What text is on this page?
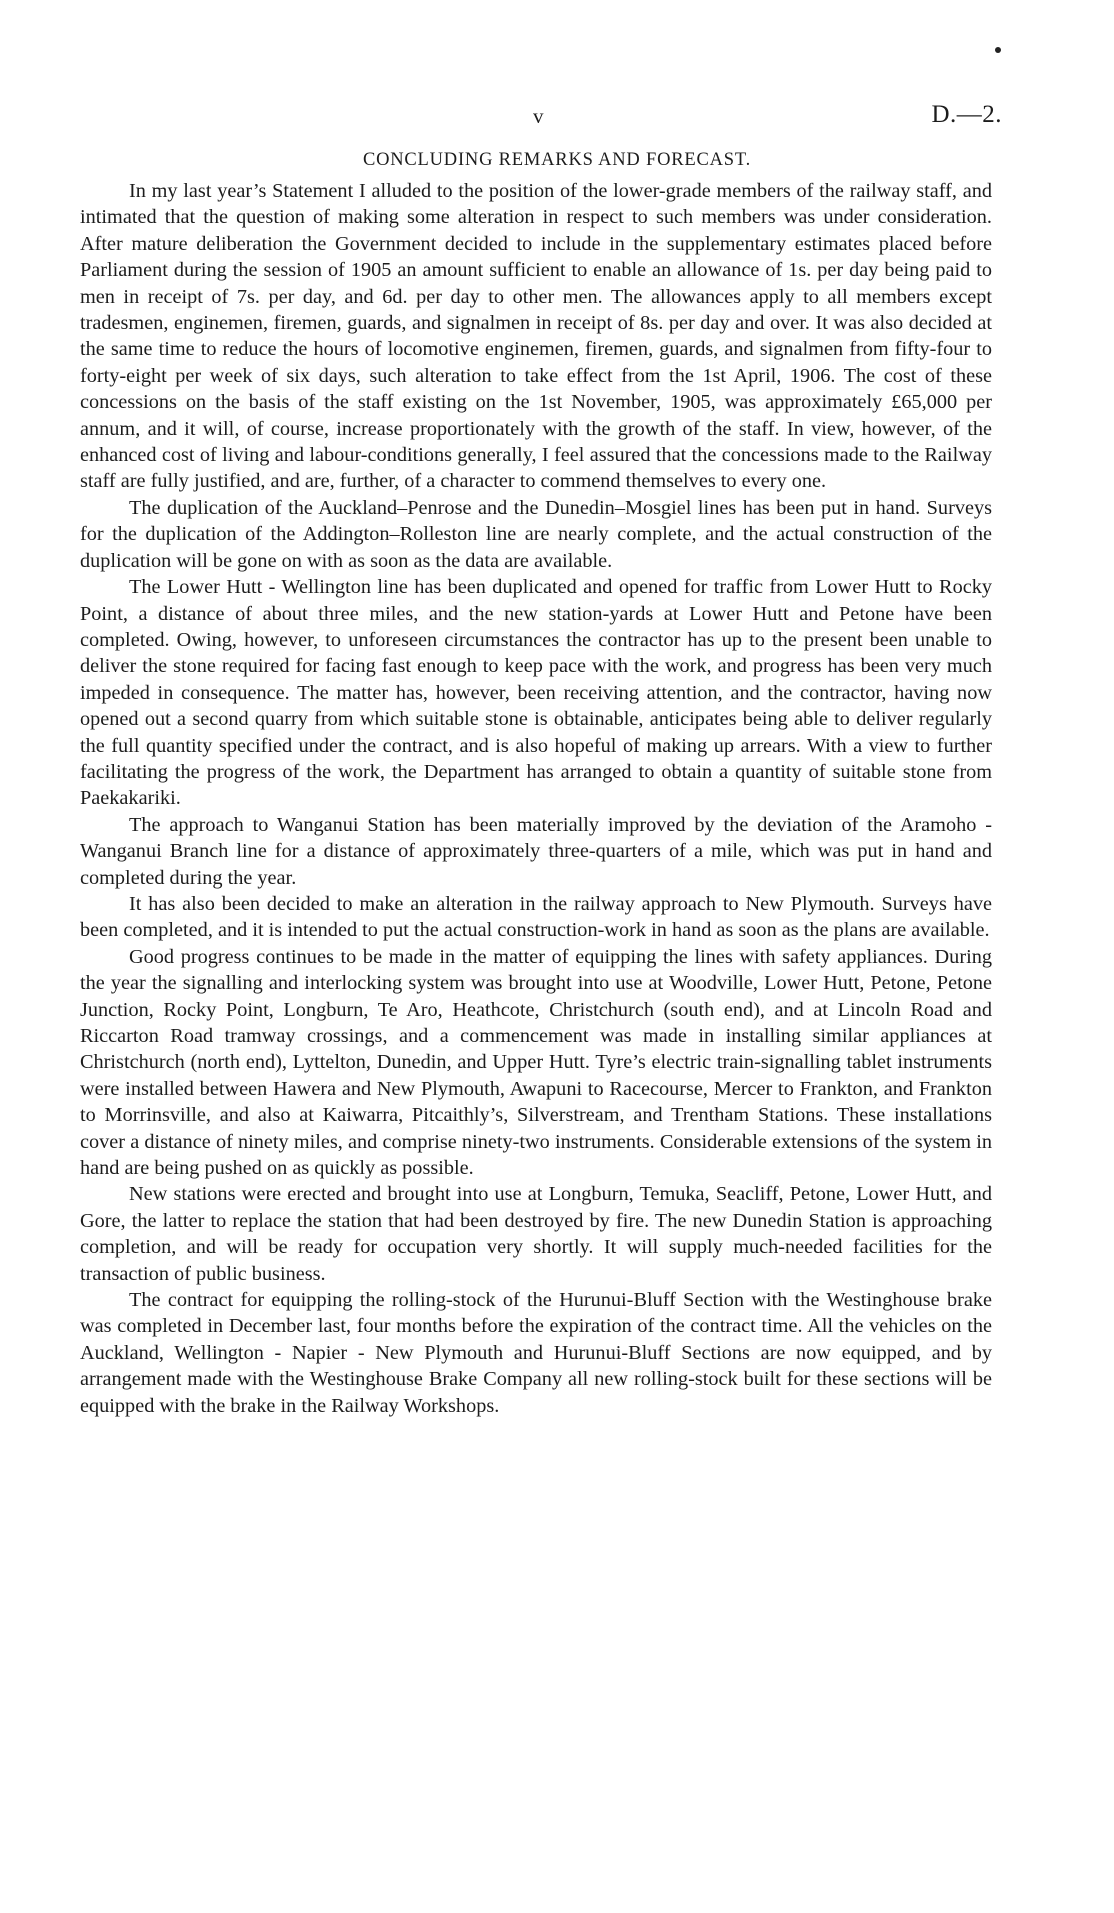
v	D.—2.
CONCLUDING REMARKS AND FORECAST.

In my last year’s Statement I alluded to the position of the lower-grade members of the railway staff, and intimated that the question of making some alteration in respect to such members was under consideration. After mature deliberation the Government decided to include in the supplementary estimates placed before Parliament during the session of 1905 an amount sufficient to enable an allowance of 1s. per day being paid to men in receipt of 7s. per day, and 6d. per day to other men. The allowances apply to all members except tradesmen, enginemen, firemen, guards, and signalmen in receipt of 8s. per day and over. It was also decided at the same time to reduce the hours of locomotive enginemen, firemen, guards, and signalmen from fifty-four to forty-eight per week of six days, such alteration to take effect from the 1st April, 1906. The cost of these concessions on the basis of the staff existing on the 1st November, 1905, was approximately £65,000 per annum, and it will, of course, increase proportionately with the growth of the staff. In view, however, of the enhanced cost of living and labour-conditions generally, I feel assured that the concessions made to the Railway staff are fully justified, and are, further, of a character to commend themselves to every one.

The duplication of the Auckland–Penrose and the Dunedin–Mosgiel lines has been put in hand. Surveys for the duplication of the Addington–Rolleston line are nearly complete, and the actual construction of the duplication will be gone on with as soon as the data are available.

The Lower Hutt - Wellington line has been duplicated and opened for traffic from Lower Hutt to Rocky Point, a distance of about three miles, and the new station-yards at Lower Hutt and Petone have been completed. Owing, however, to unforeseen circumstances the contractor has up to the present been unable to deliver the stone required for facing fast enough to keep pace with the work, and progress has been very much impeded in consequence. The matter has, however, been receiving attention, and the contractor, having now opened out a second quarry from which suitable stone is obtainable, anticipates being able to deliver regularly the full quantity specified under the contract, and is also hopeful of making up arrears. With a view to further facilitating the progress of the work, the Department has arranged to obtain a quantity of suitable stone from Paekakariki.

The approach to Wanganui Station has been materially improved by the deviation of the Aramoho - Wanganui Branch line for a distance of approximately three-quarters of a mile, which was put in hand and completed during the year.

It has also been decided to make an alteration in the railway approach to New Plymouth. Surveys have been completed, and it is intended to put the actual construction-work in hand as soon as the plans are available.

Good progress continues to be made in the matter of equipping the lines with safety appliances. During the year the signalling and interlocking system was brought into use at Woodville, Lower Hutt, Petone, Petone Junction, Rocky Point, Longburn, Te Aro, Heathcote, Christchurch (south end), and at Lincoln Road and Riccarton Road tramway crossings, and a commencement was made in installing similar appliances at Christchurch (north end), Lyttelton, Dunedin, and Upper Hutt. Tyre’s electric train-signalling tablet instruments were installed between Hawera and New Plymouth, Awapuni to Racecourse, Mercer to Frankton, and Frankton to Morrinsville, and also at Kaiwarra, Pitcaithly’s, Silverstream, and Trentham Stations. These installations cover a distance of ninety miles, and comprise ninety-two instruments. Considerable extensions of the system in hand are being pushed on as quickly as possible.

New stations were erected and brought into use at Longburn, Temuka, Seacliff, Petone, Lower Hutt, and Gore, the latter to replace the station that had been destroyed by fire. The new Dunedin Station is approaching completion, and will be ready for occupation very shortly. It will supply much-needed facilities for the transaction of public business.

The contract for equipping the rolling-stock of the Hurunui-Bluff Section with the Westinghouse brake was completed in December last, four months before the expiration of the contract time. All the vehicles on the Auckland, Wellington - Napier - New Plymouth and Hurunui-Bluff Sections are now equipped, and by arrangement made with the Westinghouse Brake Company all new rolling-stock built for these sections will be equipped with the brake in the Railway Workshops.
